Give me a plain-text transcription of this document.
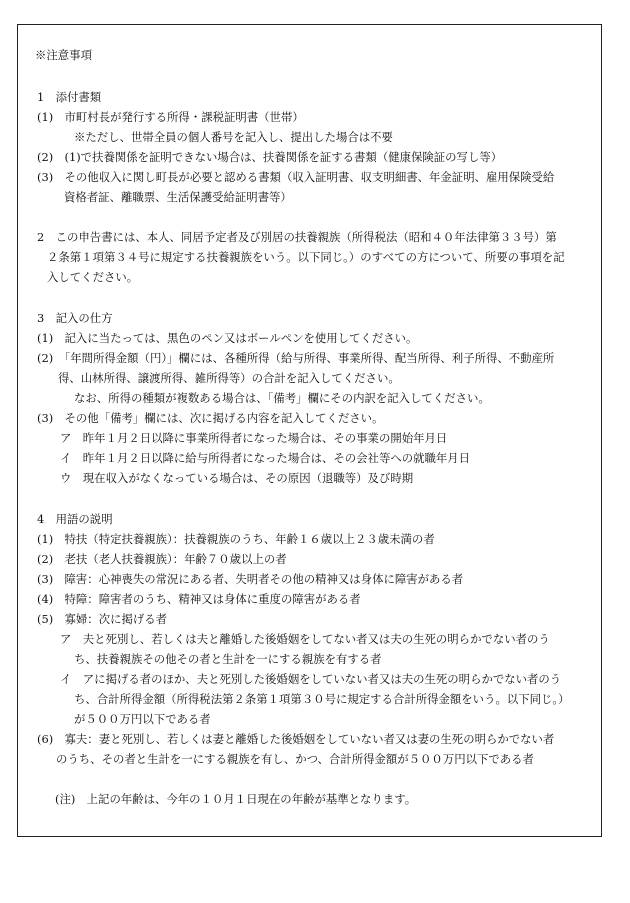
※注意事項
1　添付書類
(1)　市町村長が発行する所得・課税証明書（世帯）
※ただし、世帯全員の個人番号を記入し、提出した場合は不要
(2)　(1)で扶養関係を証明できない場合は、扶養関係を証する書類（健康保険証の写し等）
(3)　その他収入に関し町長が必要と認める書類（収入証明書、収支明細書、年金証明、雇用保険受給
資格者証、離職票、生活保護受給証明書等）
2　この申告書には、本人、同居予定者及び別居の扶養親族（所得税法（昭和４０年法律第３３号）第
２条第１項第３４号に規定する扶養親族をいう。以下同じ。）のすべての方について、所要の事項を記
入してください。
3　記入の仕方
(1)　記入に当たっては、黒色のペン又はボールペンを使用してください。
(2)　「年間所得金額（円）」欄には、各種所得（給与所得、事業所得、配当所得、利子所得、不動産所
得、山林所得、譲渡所得、雑所得等）の合計を記入してください。
なお、所得の種類が複数ある場合は、「備考」欄にその内訳を記入してください。
(3)　その他「備考」欄には、次に掲げる内容を記入してください。
ア　昨年１月２日以降に事業所得者になった場合は、その事業の開始年月日
イ　昨年１月２日以降に給与所得者になった場合は、その会社等への就職年月日
ウ　現在収入がなくなっている場合は、その原因（退職等）及び時期
4　用語の説明
(1)　特扶（特定扶養親族）：扶養親族のうち、年齢１６歳以上２３歳未満の者
(2)　老扶（老人扶養親族）：年齢７０歳以上の者
(3)　障害：心神喪失の常況にある者、失明者その他の精神又は身体に障害がある者
(4)　特障：障害者のうち、精神又は身体に重度の障害がある者
(5)　寡婦：次に掲げる者
ア　夫と死別し、若しくは夫と離婚した後婚姻をしてない者又は夫の生死の明らかでない者のう
ち、扶養親族その他その者と生計を一にする親族を有する者
イ　アに掲げる者のほか、夫と死別した後婚姻をしていない者又は夫の生死の明らかでない者のう
ち、合計所得金額（所得税法第２条第１項第３０号に規定する合計所得金額をいう。以下同じ。）
が５００万円以下である者
(6)　寡夫：妻と死別し、若しくは妻と離婚した後婚姻をしていない者又は妻の生死の明らかでない者
のうち、その者と生計を一にする親族を有し、かつ、合計所得金額が５００万円以下である者
(注)　上記の年齢は、今年の１０月１日現在の年齢が基準となります。
